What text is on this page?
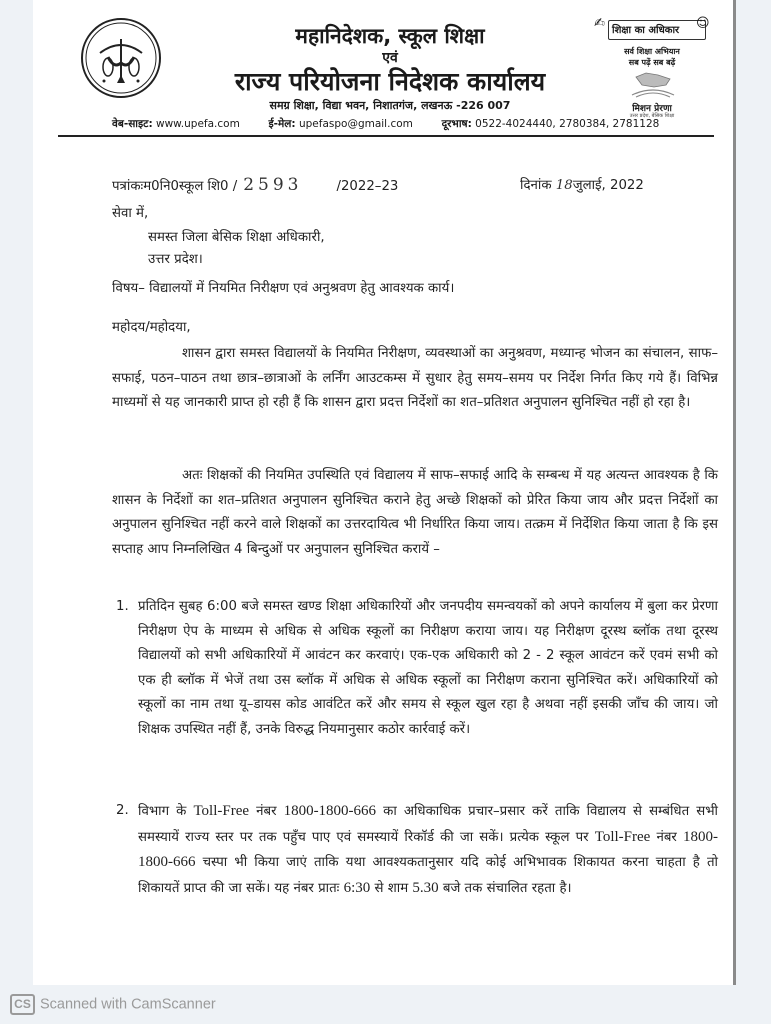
महानिदेशक, स्कूल शिक्षा
एवं
राज्य परियोजना निदेशक कार्यालय
समग्र शिक्षा, विद्या भवन, निशातगंज, लखनऊ -226 007
वेब-साइट: www.upefa.com	ई-मेल: upefaspo@gmail.com	दूरभाष: 0522-4024440, 2780384, 2781128
✍ शिक्षा का अधिकार ☺
सर्व शिक्षा अभियान
सब पढ़ें सब बढ़ें
मिशन प्रेरणा
उत्तर प्रदेश, बेसिक शिक्षा
पत्रांकःम0नि0स्कूल शि0 / 2593	/2022–23	दिनांक 18जुलाई, 2022
सेवा में,
समस्त जिला बेसिक शिक्षा अधिकारी,
उत्तर प्रदेश।
विषय– विद्यालयों में नियमित निरीक्षण एवं अनुश्रवण हेतु आवश्यक कार्य।
महोदय/महोदया,
शासन द्वारा समस्त विद्यालयों के नियमित निरीक्षण, व्यवस्थाओं का अनुश्रवण, मध्यान्ह भोजन का संचालन, साफ–सफाई, पठन–पाठन तथा छात्र–छात्राओं के लर्निंग आउटकम्स में सुधार हेतु समय–समय पर निर्देश निर्गत किए गये हैं। विभिन्न माध्यमों से यह जानकारी प्राप्त हो रही हैं कि शासन द्वारा प्रदत्त निर्देशों का शत–प्रतिशत अनुपालन सुनिश्चित नहीं हो रहा है।
अतः शिक्षकों की नियमित उपस्थिति एवं विद्यालय में साफ–सफाई आदि के सम्बन्ध में यह अत्यन्त आवश्यक है कि शासन के निर्देशों का शत–प्रतिशत अनुपालन सुनिश्चित कराने हेतु अच्छे शिक्षकों को प्रेरित किया जाय और प्रदत्त निर्देशों का अनुपालन सुनिश्चित नहीं करने वाले शिक्षकों का उत्तरदायित्व भी निर्धारित किया जाय। तत्क्रम में निर्देशित किया जाता है कि इस सप्ताह आप निम्नलिखित 4 बिन्दुओं पर अनुपालन सुनिश्चित करायें –
1. प्रतिदिन सुबह 6:00 बजे समस्त खण्ड शिक्षा अधिकारियों और जनपदीय समन्वयकों को अपने कार्यालय में बुला कर प्रेरणा निरीक्षण ऐप के माध्यम से अधिक से अधिक स्कूलों का निरीक्षण कराया जाय। यह निरीक्षण दूरस्थ ब्लॉक तथा दूरस्थ विद्यालयों को सभी अधिकारियों में आवंटन कर करवाएं। एक-एक अधिकारी को 2 - 2 स्कूल आवंटन करें एवमं सभी को एक ही ब्लॉक में भेजें तथा उस ब्लॉक में अधिक से अधिक स्कूलों का निरीक्षण कराना सुनिश्चित करें। अधिकारियों को स्कूलों का नाम तथा यू–डायस कोड आवंटित करें और समय से स्कूल खुल रहा है अथवा नहीं इसकी जाँच की जाय। जो शिक्षक उपस्थित नहीं हैं, उनके विरुद्ध नियमानुसार कठोर कार्रवाई करें।
2. विभाग के Toll-Free नंबर 1800-1800-666 का अधिकाधिक प्रचार–प्रसार करें ताकि विद्यालय से सम्बंधित सभी समस्यायें राज्य स्तर पर तक पहुँच पाए एवं समस्यायें रिकॉर्ड की जा सकें। प्रत्येक स्कूल पर Toll-Free नंबर 1800-1800-666 चस्पा भी किया जाएं ताकि यथा आवश्यकतानुसार यदि कोई अभिभावक शिकायत करना चाहता है तो शिकायतें प्राप्त की जा सकें। यह नंबर प्रातः 6:30 से शाम 5.30 बजे तक संचालित रहता है।
CS Scanned with CamScanner
